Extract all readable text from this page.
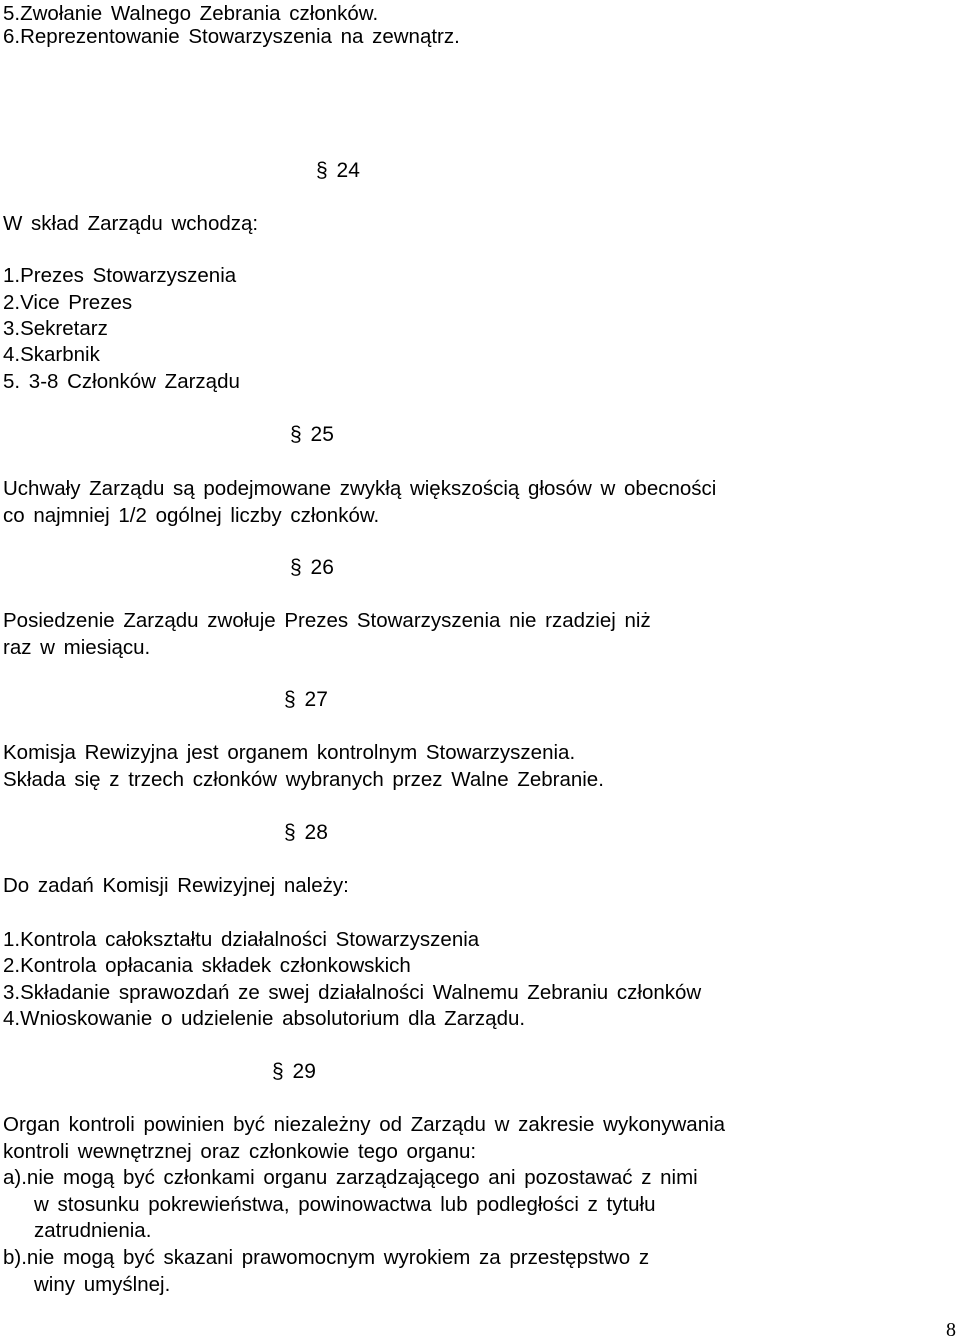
5.Zwołanie Walnego Zebrania członków.

6.Reprezentowanie Stowarzyszenia na zewnątrz.

§ 24

W skład Zarządu wchodzą:

1.Prezes Stowarzyszenia

2.Vice Prezes

3.Sekretarz

4.Skarbnik

5. 3-8 Członków Zarządu

§ 25

Uchwały Zarządu są podejmowane zwykłą większością głosów w obecności

co najmniej 1/2 ogólnej liczby członków.

§ 26

Posiedzenie Zarządu zwołuje Prezes Stowarzyszenia nie rzadziej niż

raz w miesiącu.

§ 27

Komisja Rewizyjna jest organem kontrolnym Stowarzyszenia.

Składa się z trzech członków wybranych przez Walne Zebranie.

§ 28

Do zadań Komisji Rewizyjnej należy:

1.Kontrola całokształtu działalności Stowarzyszenia

2.Kontrola opłacania składek członkowskich

3.Składanie sprawozdań ze swej działalności Walnemu Zebraniu członków

4.Wnioskowanie o udzielenie absolutorium dla Zarządu.

§ 29

Organ kontroli powinien być niezależny od Zarządu w zakresie wykonywania

kontroli wewnętrznej oraz członkowie tego organu:

a).nie mogą być członkami organu zarządzającego ani pozostawać z nimi

w stosunku pokrewieństwa, powinowactwa lub podległości z tytułu

zatrudnienia.

b).nie mogą być skazani prawomocnym wyrokiem za przestępstwo z

winy umyślnej.

8
